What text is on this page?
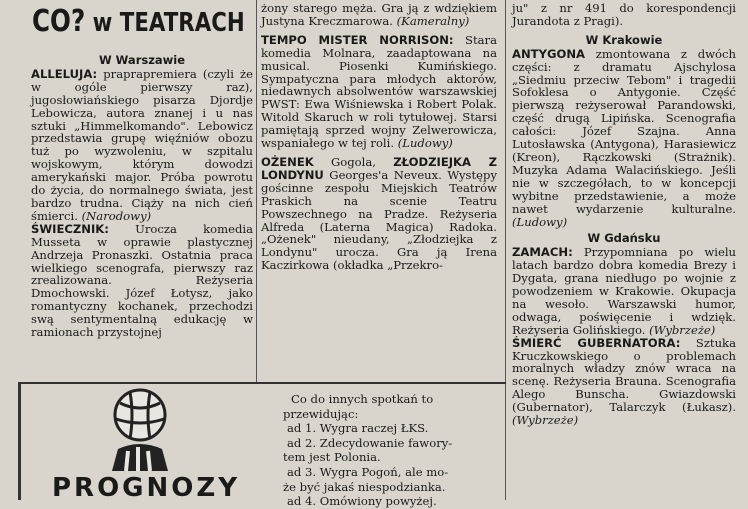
CO? w TEATRACH
W Warszawie

ALLELUJA: praprapremiera (czyli że w ogóle pierwszy raz), jugosłowiańskiego pisarza Djordje Lebowicza, autora znanej i u nas sztuki „Himmelkomando". Lebowicz przedstawia grupę więźniów obozu tuż po wyzwoleniu, w szpitalu wojskowym, którym dowodzi amerykański major. Próba powrotu do życia, do normalnego świata, jest bardzo trudna. Ciąży na nich cień śmierci. (Narodowy)

ŚWIECZNIK: Urocza komedia Musseta w oprawie plastycznej Andrzeja Pronaszki. Ostatnia praca wielkiego scenografa, pierwszy raz zrealizowana. Reżyseria Dmochowski. Józef Łotysz, jako romantyczny kochanek, przechodzi swą sentymentalną edukację w ramionach przystojnej

żony starego męża. Gra ją z wdziękiem Justyna Kreczmarowa. (Kameralny)

TEMPO MISTER NORRISON: Stara komedia Molnara, zaadaptowana na musical. Piosenki Kumińskiego. Sympatyczna para młodych aktorów, niedawnych absolwentów warszawskiej PWST: Ewa Wiśniewska i Robert Polak. Witold Skaruch w roli tytułowej. Starsi pamiętają sprzed wojny Zelwerowicza, wspaniałego w tej roli. (Ludowy)

OŻENEK Gogola, ZŁODZIEJKA Z LONDYNU Georges'a Neveux. Występy gościnne zespołu Miejskich Teatrów Praskich na scenie Teatru Powszechnego na Pradze. Reżyseria Alfreda (Laterna Magica) Radoka. „Ożenek" nieudany, „Złodziejka z Londynu" urocza. Gra ją Irena Kaczirkowa (okładka „Przekro-

ju" z nr 491 do korespondencji Jurandota z Pragi).

W Krakowie

ANTYGONA zmontowana z dwóch części: z dramatu Ajschylosa „Siedmiu przeciw Tebom" i tragedii Sofoklesa o Antygonie. Część pierwszą reżyserował Parandowski, część drugą Lipińska. Scenografia całości: Józef Szajna. Anna Lutosławska (Antygona), Harasiewicz (Kreon), Rączkowski (Strażnik). Muzyka Adama Walacińskiego. Jeśli nie w szczegółach, to w koncepcji wybitne przedstawienie, a może nawet wydarzenie kulturalne. (Ludowy)

W Gdańsku

ZAMACH: Przypomniana po wielu latach bardzo dobra komedia Brezy i Dygata, grana niedługo po wojnie z powodzeniem w Krakowie. Okupacja na wesoło. Warszawski humor, odwaga, poświęcenie i wdzięk. Reżyseria Golińskiego. (Wybrzeże)

ŚMIERĆ GUBERNATORA: Sztuka Kruczkowskiego o problemach moralnych władzy znów wraca na scenę. Reżyseria Brauna. Scenografia Alego Bunscha. Gwiazdowski (Gubernator), Talarczyk (Łukasz). (Wybrzeże)

PROGNOZY
Co do innych spotkań to
przewidując:
ad 1. Wygra raczej ŁKS.
ad 2. Zdecydowanie fawory-
tem jest Polonia.
ad 3. Wygra Pogoń, ale mo-
że być jakaś niespodzianka.
ad 4. Omówiony powyżej.
